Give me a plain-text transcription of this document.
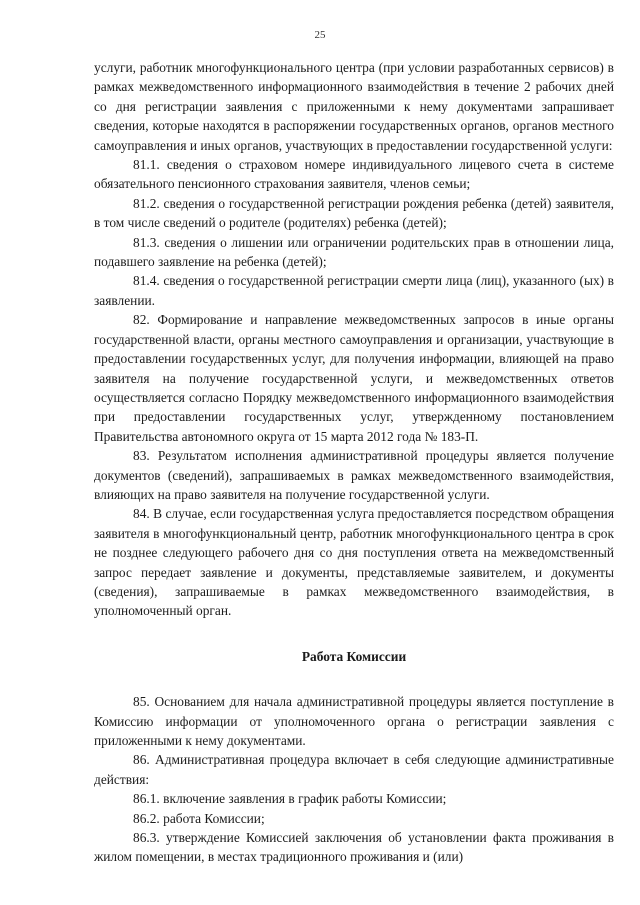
25

услуги, работник многофункционального центра (при условии разработанных сервисов) в рамках межведомственного информационного взаимодействия в течение 2 рабочих дней со дня регистрации заявления с приложенными к нему документами запрашивает сведения, которые находятся в распоряжении государственных органов, органов местного самоуправления и иных органов, участвующих в предоставлении государственной услуги:

81.1. сведения о страховом номере индивидуального лицевого счета в системе обязательного пенсионного страхования заявителя, членов семьи;

81.2. сведения о государственной регистрации рождения ребенка (детей) заявителя, в том числе сведений о родителе (родителях) ребенка (детей);

81.3. сведения о лишении или ограничении родительских прав в отношении лица, подавшего заявление на ребенка (детей);

81.4. сведения о государственной регистрации смерти лица (лиц), указанного (ых) в заявлении.

82. Формирование и направление межведомственных запросов в иные органы государственной власти, органы местного самоуправления и организации, участвующие в предоставлении государственных услуг, для получения информации, влияющей на право заявителя на получение государственной услуги, и межведомственных ответов осуществляется согласно Порядку межведомственного информационного взаимодействия при предоставлении государственных услуг, утвержденному постановлением Правительства автономного округа от 15 марта 2012 года № 183-П.

83. Результатом исполнения административной процедуры является получение документов (сведений), запрашиваемых в рамках межведомственного взаимодействия, влияющих на право заявителя на получение государственной услуги.

84. В случае, если государственная услуга предоставляется посредством обращения заявителя в многофункциональный центр, работник многофункционального центра в срок не позднее следующего рабочего дня со дня поступления ответа на межведомственный запрос передает заявление и документы, представляемые заявителем, и документы (сведения), запрашиваемые в рамках межведомственного взаимодействия, в уполномоченный орган.

Работа Комиссии

85. Основанием для начала административной процедуры является поступление в Комиссию информации от уполномоченного органа о регистрации заявления с приложенными к нему документами.

86. Административная процедура включает в себя следующие административные действия:

86.1. включение заявления в график работы Комиссии;

86.2. работа Комиссии;

86.3. утверждение Комиссией заключения об установлении факта проживания в жилом помещении, в местах традиционного проживания и (или)
